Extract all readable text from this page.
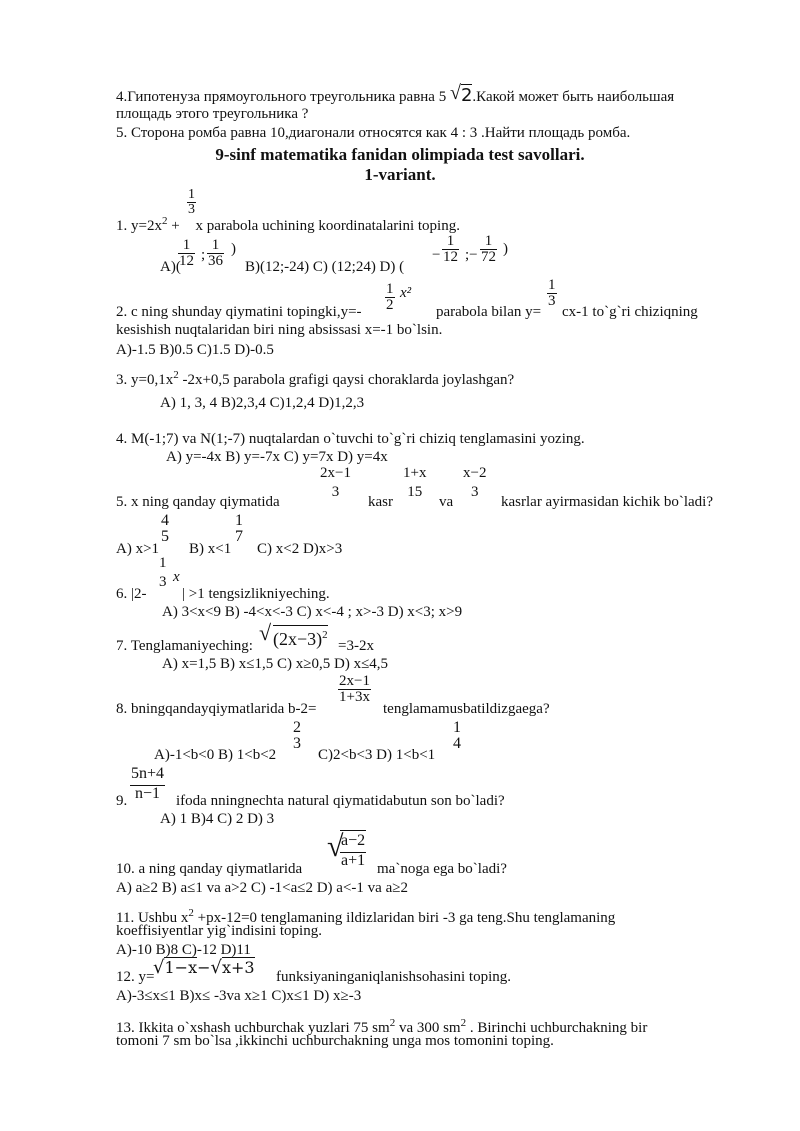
4.Гипотенуза прямоугольного треугольника равна 5 √2.Какой может быть наибольшая
площадь этого треугольника ?
5. Сторона ромба равна 10,диагонали относятся как 4 : 3 .Найти площадь ромба.
9-sinf matematika fanidan olimpiada test savollari.
1-variant.
1
3
1. $y=2x^2 + x$ parabola uchining koordinatalarini toping.
A)(
1
12 ;
1
36
)
B)(12;-24) C) (12;24) D) (
−
1
12 ;−
1
72 )
2. c ning shunday qiymatini topingki,y=-
1
2
x²
parabola bilan y=
1
3
cx-1 to`g`ri chiziqning
kesishish nuqtalaridan biri ning absissasi x=-1 bo`lsin.
A)-1.5 B)0.5 C)1.5 D)-0.5
3. $y=0,1x^2$ -2x+0,5 parabola grafigi qaysi choraklarda joylashgan?
A) 1, 3, 4 B)2,3,4 C)1,2,4 D)1,2,3
4. M(-1;7) va N(1;-7) nuqtalardan o`tuvchi to`g`ri chiziq tenglamasini yozing.
A) y=-4x B) y=-7x C) y=7x D) y=4x
5. x ning qanday qiymatida
2x−1
3
kasr
1+x
15
va
x−2
3
kasrlar ayirmasidan kichik bo`ladi?
A) x>1
4
5
B) x<1
1
7
C) x<2 D)x>3
6. |2-
1
3 x
| >1 tengsizlikniyeching.
A) 3<x<9 B) -4<x<-3 C) x<-4 ; x>-3 D) x<3; x>9
7. Tenglamaniyeching:
√ $(2x-3)^2$
=3-2x
A) x=1,5 B) x≤1,5 C) x≥0,5 D) x≤4,5
8. bningqandayqiymatlarida b-2=
2x−1
1+3x
tenglamamusbatildizgaega?
A)-1<b<0 B) 1<b<2
2
3
C)2<b<3 D) 1<b<1
1
4
5n+4
n−1
9.	ifoda nningnechta natural qiymatidabutun son bo`ladi?
A) 1 B)4 C) 2 D) 3
10. a ning qanday qiymatlarida
√
a−2
a+1 ma`noga ega bo`ladi?
A) a≥2 B) a≤1 va a>2 C) -1<a≤2 D) a<-1 va a≥2
11. Ushbu $x^2 +px-12=0$ tenglamaning ildizlaridan biri -3 ga teng.Shu tenglamaning
koeffisiyentlar yig`indisini toping.
A)-10 B)8 C)-12 D)11
12. y=
√1−x−√x+3 funksiyaninganiqlanishsohasini toping.
A)-3≤x≤1 B)x≤ -3va x≥1 C)x≤1 D) x≥-3
13. Ikkita o`xshash uchburchak yuzlari 75 $sm^2$ va 300 $sm^2$ . Birinchi uchburchakning bir
tomoni 7 sm bo`lsa ,ikkinchi uchburchakning unga mos tomonini toping.
